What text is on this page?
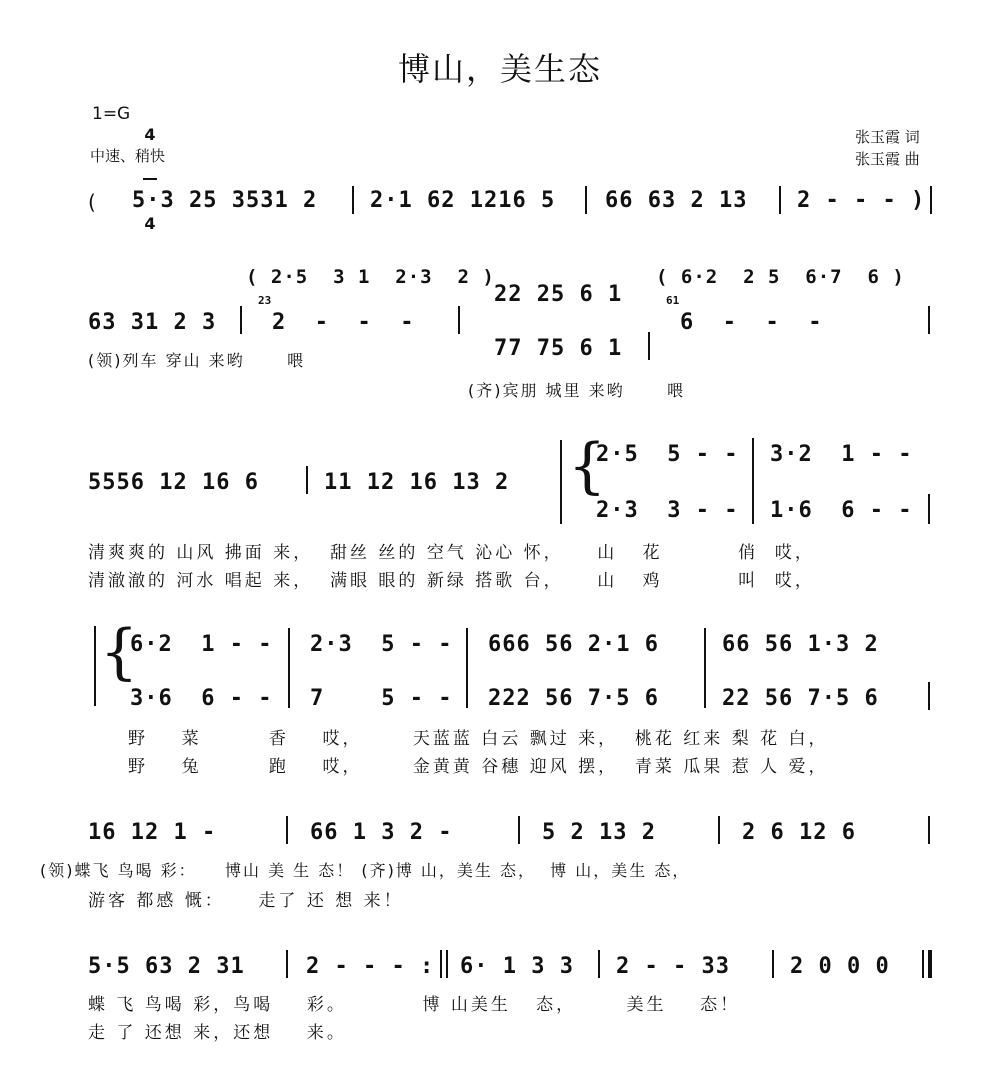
博山，美生态
1=G

4

4

中速、稍快
张玉霞 词
张玉霞 曲
( 5·3 25 3531 2 2·1 62 1216 5 66 63 2 13 2 - - - )
( 2·5  3 1  2·3  2 )
23
63 31 2 3	2  -  -  -
22 25 6 1
77 75 6 1
( 6·2  2 5  6·7  6 )
61
6  -  -  -
(领)列车 穿山 来哟      喂
(齐)宾朋 城里 来哟      喂
5556 12 16 6	11 12 16 13 2 {
2·5  5 - -
2·3  3 - -
3·2  1 - -
1·6  6 - -
清爽爽的 山风 拂面 来，  甜丝 丝的 空气 沁心 怀，    山   花         俏  哎，
清澈澈的 河水 唱起 来，  满眼 眼的 新绿 搭歌 台，    山   鸡         叫  哎，
{
6·2  1 - -
3·6  6 - -
2·3  5 - -
7    5 - -
666 56 2·1 6
222 56 7·5 6
66 56 1·3 2
22 56 7·5 6
野    菜        香    哎，      天蓝蓝 白云 飘过 来，  桃花 红来 梨 花 白，
野    兔        跑    哎，      金黄黄 谷穗 迎风 摆，  青菜 瓜果 惹 人 爱，
16 12 1 -	66 1 3 2 -	5 2 13 2	2 6 12 6
(领)蝶飞 鸟喝 彩：    博山 美 生 态！ (齐)博 山，美生 态，  博 山，美生 态，
游客 都感 慨：    走了 还 想 来！
5·5 63 2 31	2 - - - : 6· 1 3 3 2 - - 33	2 0 0 0
蝶 飞 鸟喝 彩，鸟喝    彩。         博 山美生   态，      美生    态！
走 了 还想 来，还想    来。
